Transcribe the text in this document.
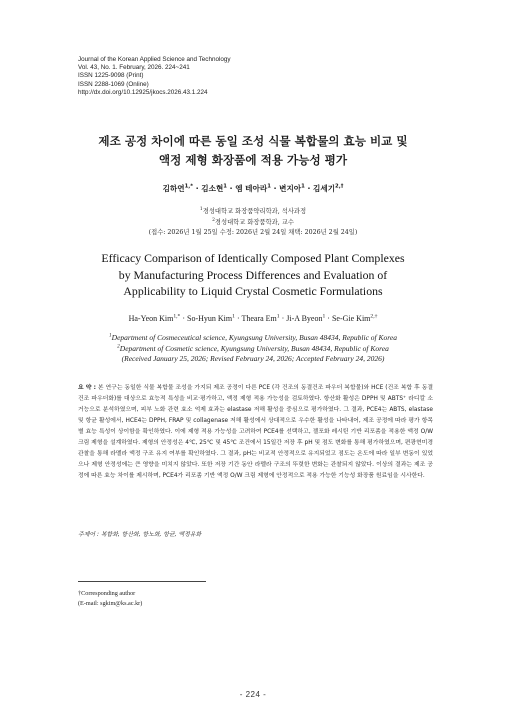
Journal of the Korean Applied Science and Technology
Vol. 43, No. 1. February, 2026. 224~241
ISSN 1225-9098 (Print)
ISSN 2288-1069 (Online)
http://dx.doi.org/10.12925/jkocs.2026.43.1.224
제조 공정 차이에 따른 동일 조성 식물 복합물의 효능 비교 및
액정 제형 화장품에 적용 가능성 평가
김하연$^{1,*}$ · 김소현$^1$ · 엠 테아라$^1$ · 변지아$^1$ · 김세기$^{2,\dagger}$
$^1$경성대학교 화장품약리학과, 석사과정
$^2$경성대학교 화장품학과, 교수
(접수: 2026년 1월 25일 수정: 2026년 2월 24일 채택: 2026년 2월 24일)
Efficacy Comparison of Identically Composed Plant Complexes
by Manufacturing Process Differences and Evaluation of
Applicability to Liquid Crystal Cosmetic Formulations
Ha-Yeon Kim$^{1,*}$ · So-Hyun Kim$^1$ · Theara $Em^1 \cdot Ji-A$ Byeon$^1$ · Se-Gie Kim$^{2,\dagger}$
$^1$Department of Cosmeceutical science, Kyungsung University, Busan 48434, Republic of Korea
$^2$Department of Cosmetic science, Kyungsung University, Busan 48434, Republic of Korea
(Received January 25, 2026; Revised February 24, 2026; Accepted February 24, 2026)
요 약 : 본 연구는 동일한 식물 복합물 조성을 가지되 제조 공정이 다른 PCE (각 건조의 동결건조 파우더 복합물)와 HCE (건조 복합 후 동결건조 파우더화)를 대상으로 효능적 특성을 비교·평가하고, 액정 제형 적용 가능성을 검토하였다. 항산화 활성은 DPPH 및 ABTS⁺ 라디칼 소거능으로 분석하였으며, 피부 노화 관련 효소 억제 효과는 elastase 저해 활성을 중심으로 평가하였다. 그 결과, PCE4는 ABTS, elastase 및 항균 활성에서, HCE4는 DPPH, FRAP 및 collagenase 저해 활성에서 상대적으로 우수한 활성을 나타내어, 제조 공정에 따라 평가 항목별 효능 특성이 상이함을 확인하였다. 이에 제형 적용 가능성을 고려하여 PCE4를 선택하고, 젤포화 레시틴 기반 리포좀을 적용한 액정 O/W 크림 제형을 설계하였다. 제형의 안정성은 4℃, 25℃ 및 45℃ 조건에서 15일간 저장 후 pH 및 점도 변화를 통해 평가하였으며, 편광현미경 관찰을 통해 라멜라 액정 구조 유지 여부를 확인하였다. 그 결과, pH는 비교적 안정적으로 유지되었고 점도는 온도에 따라 일부 변동이 있었으나 제형 안정성에는 큰 영향을 미치지 않았다. 또한 저장 기간 동안 라멜라 구조의 뚜렷한 변화는 관찰되지 않았다. 이상의 결과는 제조 공정에 따른 효능 차이를 제시하며, PCE4가 리포좀 기반 액정 O/W 크림 제형에 안정적으로 적용 가능한 기능성 화장품 원료임을 시사한다.
주제어 : 복합화, 항산화, 항노화, 항균, 액정유화
†Corresponding author
(E-mail: sgkim@ks.ac.kr)
- 224 -
